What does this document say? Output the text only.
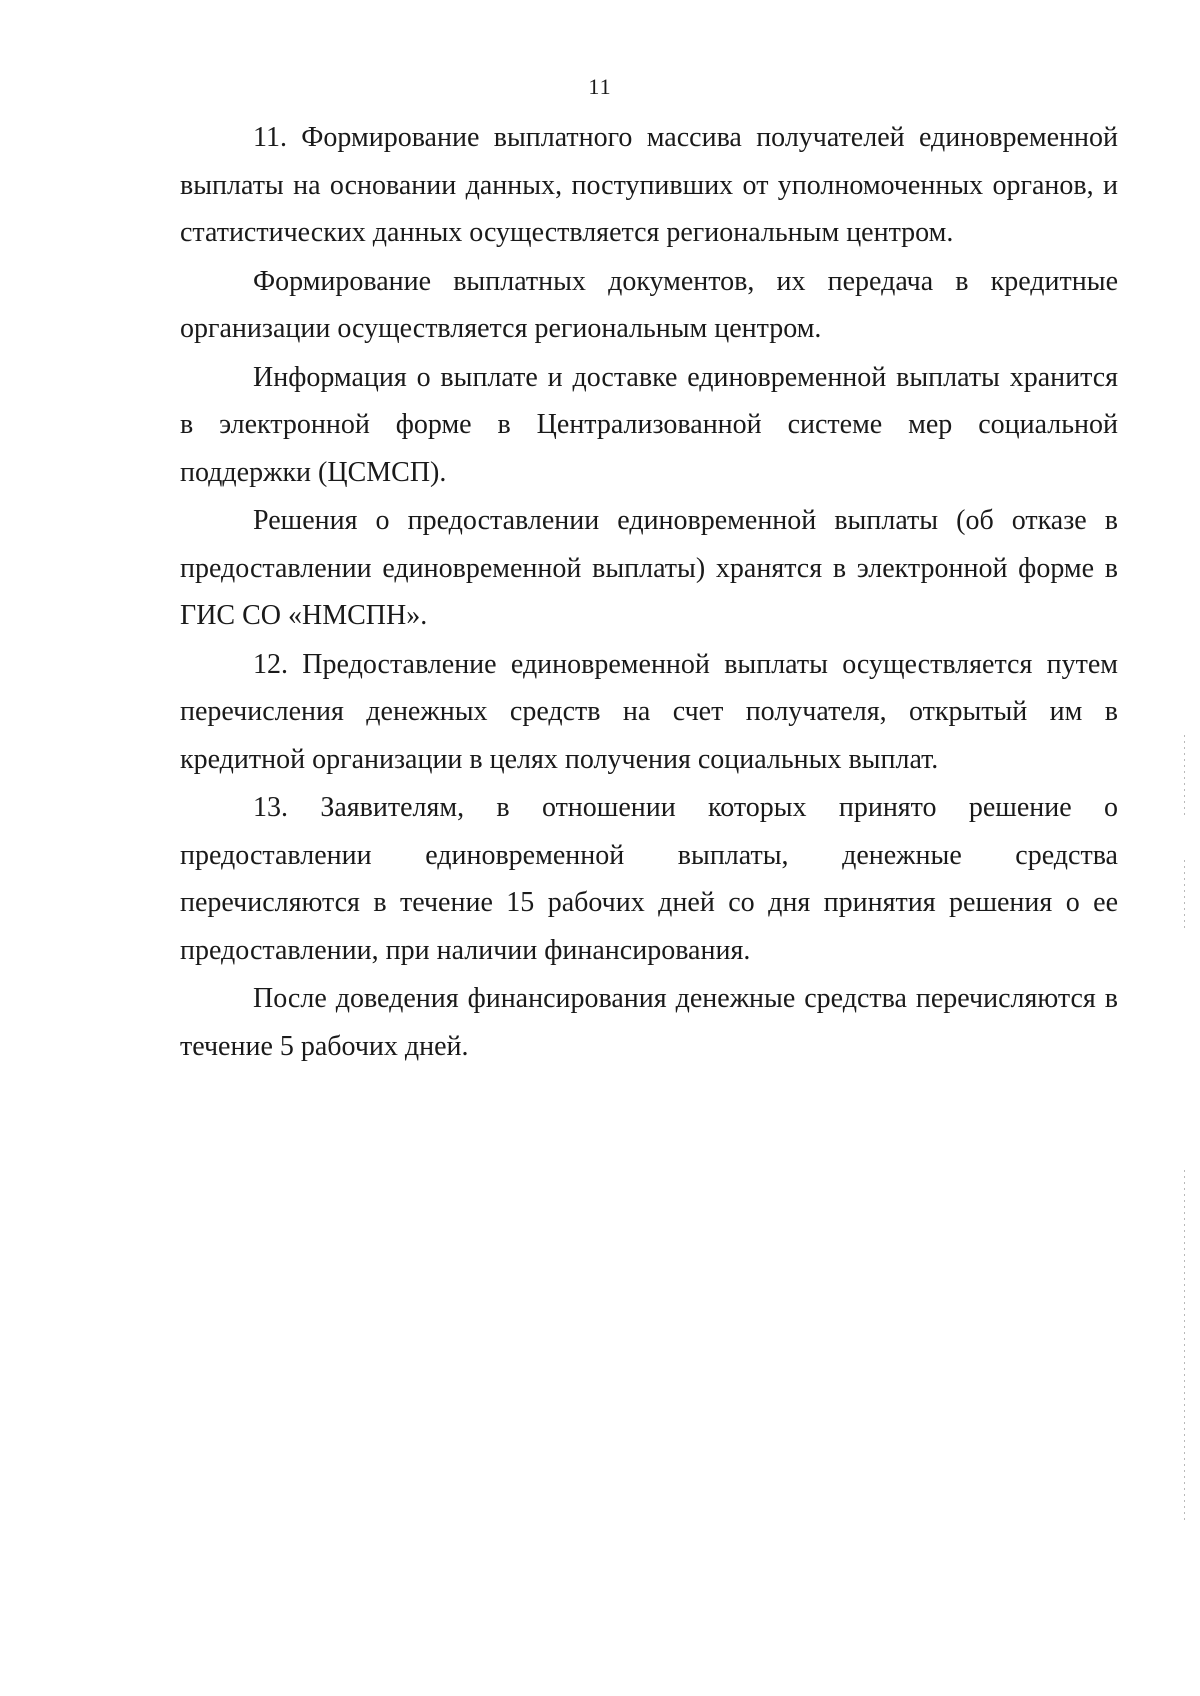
11

11. Формирование выплатного массива получателей единовременной выплаты на основании данных, поступивших от уполномоченных органов, и статистических данных осуществляется региональным центром.

Формирование выплатных документов, их передача в кредитные организации осуществляется региональным центром.

Информация о выплате и доставке единовременной выплаты хранится в электронной форме в Централизованной системе мер социальной поддержки (ЦСМСП).

Решения о предоставлении единовременной выплаты (об отказе в предоставлении единовременной выплаты) хранятся в электронной форме в ГИС СО «НМСПН».

12. Предоставление единовременной выплаты осуществляется путем перечисления денежных средств на счет получателя, открытый им в кредитной организации в целях получения социальных выплат.

13. Заявителям, в отношении которых принято решение о предоставлении единовременной выплаты, денежные средства перечисляются в течение 15 рабочих дней со дня принятия решения о ее предоставлении, при наличии финансирования.

После доведения финансирования денежные средства перечисляются в течение 5 рабочих дней.
